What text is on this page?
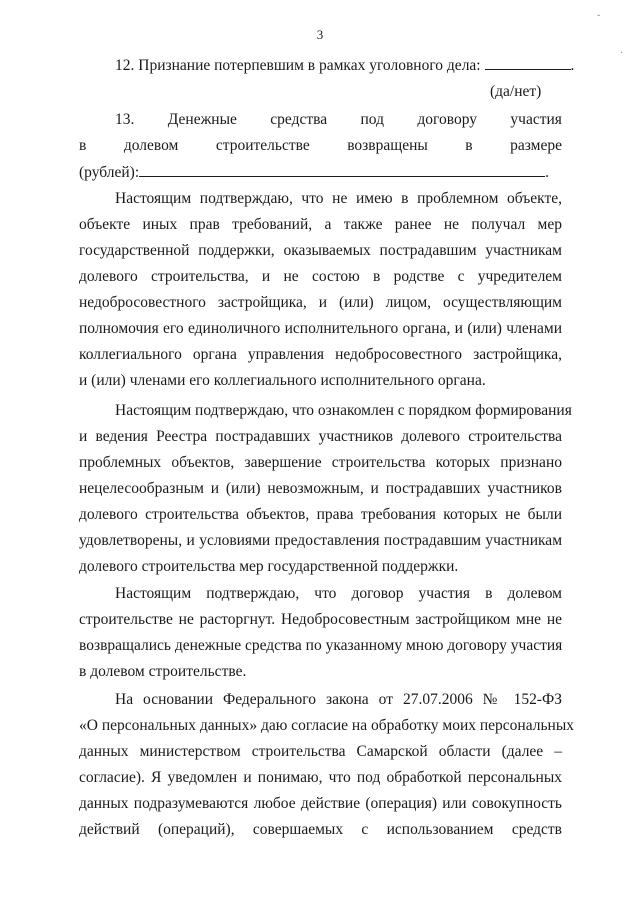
3
ˇ
·
12. Признание потерпевшим в рамках уголовного дела:	.
(да/нет)
13. Денежные средства под договору участия
в долевом строительстве возвращены в размере
(рублей):	.
Настоящим подтверждаю, что не имею в проблемном объекте,
объекте иных прав требований, а также ранее не получал мер
государственной поддержки, оказываемых пострадавшим участникам
долевого строительства, и не состою в родстве с учредителем
недобросовестного застройщика, и (или) лицом, осуществляющим
полномочия его единоличного исполнительного органа, и (или) членами
коллегиального органа управления недобросовестного застройщика,
и (или) членами его коллегиального исполнительного органа.
Настоящим подтверждаю, что ознакомлен с порядком формирования
и ведения Реестра пострадавших участников долевого строительства
проблемных объектов, завершение строительства которых признано
нецелесообразным и (или) невозможным, и пострадавших участников
долевого строительства объектов, права требования которых не были
удовлетворены, и условиями предоставления пострадавшим участникам
долевого строительства мер государственной поддержки.
Настоящим подтверждаю, что договор участия в долевом
строительстве не расторгнут. Недобросовестным застройщиком мне не
возвращались денежные средства по указанному мною договору участия
в долевом строительстве.
На основании Федерального закона от 27.07.2006 № 152-ФЗ
«О персональных данных» даю согласие на обработку моих персональных
данных министерством строительства Самарской области (далее –
согласие). Я уведомлен и понимаю, что под обработкой персональных
данных подразумеваются любое действие (операция) или совокупность
действий (операций), совершаемых с использованием средств
